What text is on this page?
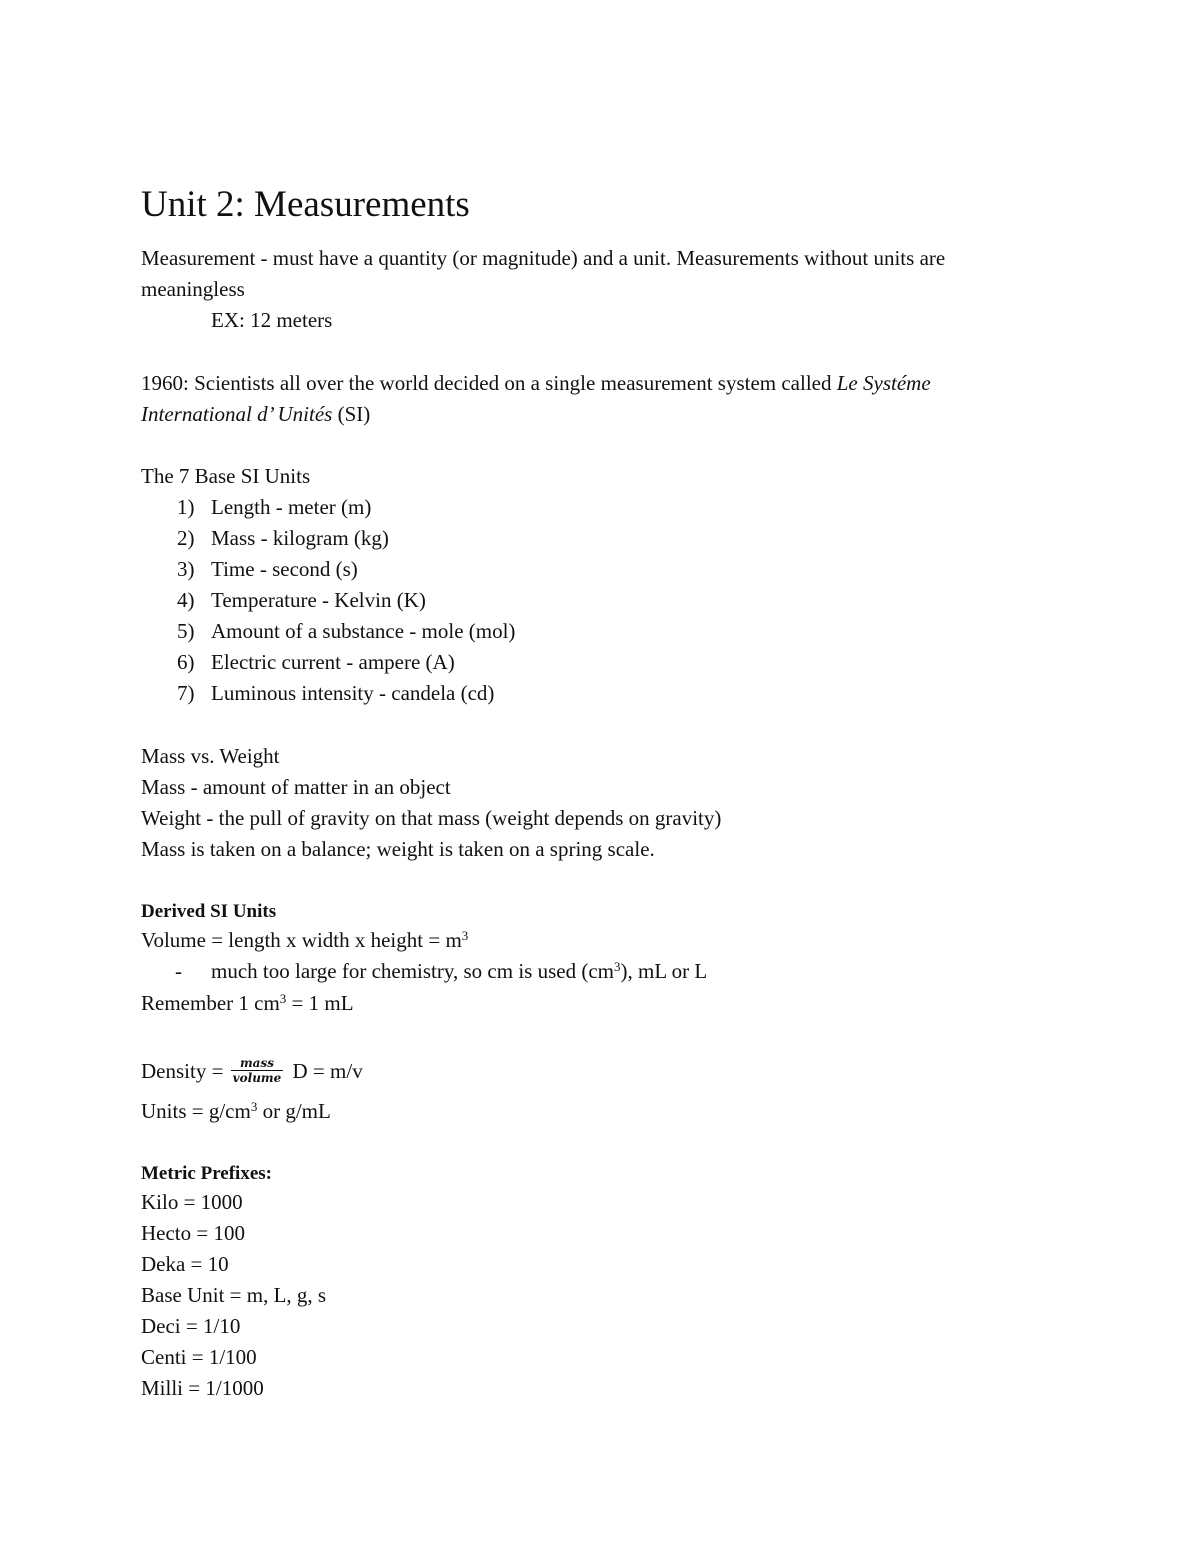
Unit 2: Measurements
Measurement - must have a quantity (or magnitude) and a unit. Measurements without units are
meaningless
EX: 12 meters
1960: Scientists all over the world decided on a single measurement system called Le Systéme
International d’ Unités (SI)
The 7 Base SI Units
1) Length - meter (m)
2) Mass - kilogram (kg)
3) Time - second (s)
4) Temperature - Kelvin (K)
5) Amount of a substance - mole (mol)
6) Electric current - ampere (A)
7) Luminous intensity - candela (cd)
Mass vs. Weight
Mass - amount of matter in an object
Weight - the pull of gravity on that mass (weight depends on gravity)
Mass is taken on a balance; weight is taken on a spring scale.
Derived SI Units
Volume = length x width x height = $m^3$
- much too large for chemistry, so cm is used $(cm^3)$, mL or L
Remember 1 $cm^3 = 1$ mL
Density = $\frac{\text{mass}}{\text{volume}}$ D = m/v
Units = $g/cm^3$ or g/mL
Metric Prefixes:
Kilo = 1000
Hecto = 100
Deka = 10
Base Unit = m, L, g, s
Deci = 1/10
Centi = 1/100
Milli = 1/1000
